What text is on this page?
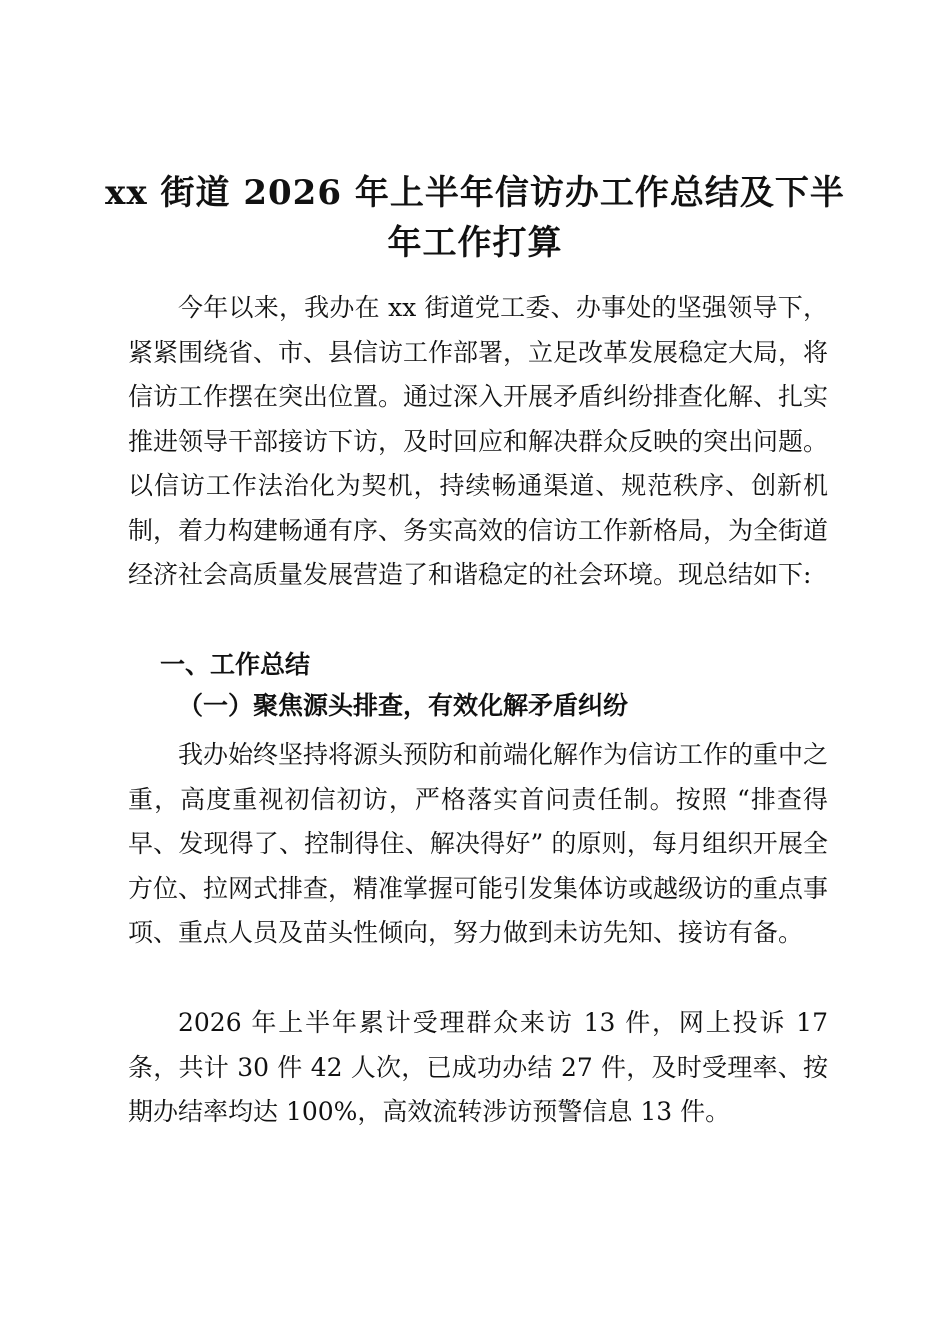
xx 街道 2026 年上半年信访办工作总结及下半年工作打算

今年以来，我办在 xx 街道党工委、办事处的坚强领导下，紧紧围绕省、市、县信访工作部署，立足改革发展稳定大局，将信访工作摆在突出位置。通过深入开展矛盾纠纷排查化解、扎实推进领导干部接访下访，及时回应和解决群众反映的突出问题。以信访工作法治化为契机，持续畅通渠道、规范秩序、创新机制，着力构建畅通有序、务实高效的信访工作新格局，为全街道经济社会高质量发展营造了和谐稳定的社会环境。现总结如下:

一、工作总结
（一）聚焦源头排查，有效化解矛盾纠纷

我办始终坚持将源头预防和前端化解作为信访工作的重中之重，高度重视初信初访，严格落实首问责任制。按照 “排查得早、发现得了、控制得住、解决得好” 的原则，每月组织开展全方位、拉网式排查，精准掌握可能引发集体访或越级访的重点事项、重点人员及苗头性倾向，努力做到未访先知、接访有备。

2026 年上半年累计受理群众来访 13 件，网上投诉 17 条，共计 30 件 42 人次，已成功办结 27 件，及时受理率、按期办结率均达 100%，高效流转涉访预警信息 13 件。
